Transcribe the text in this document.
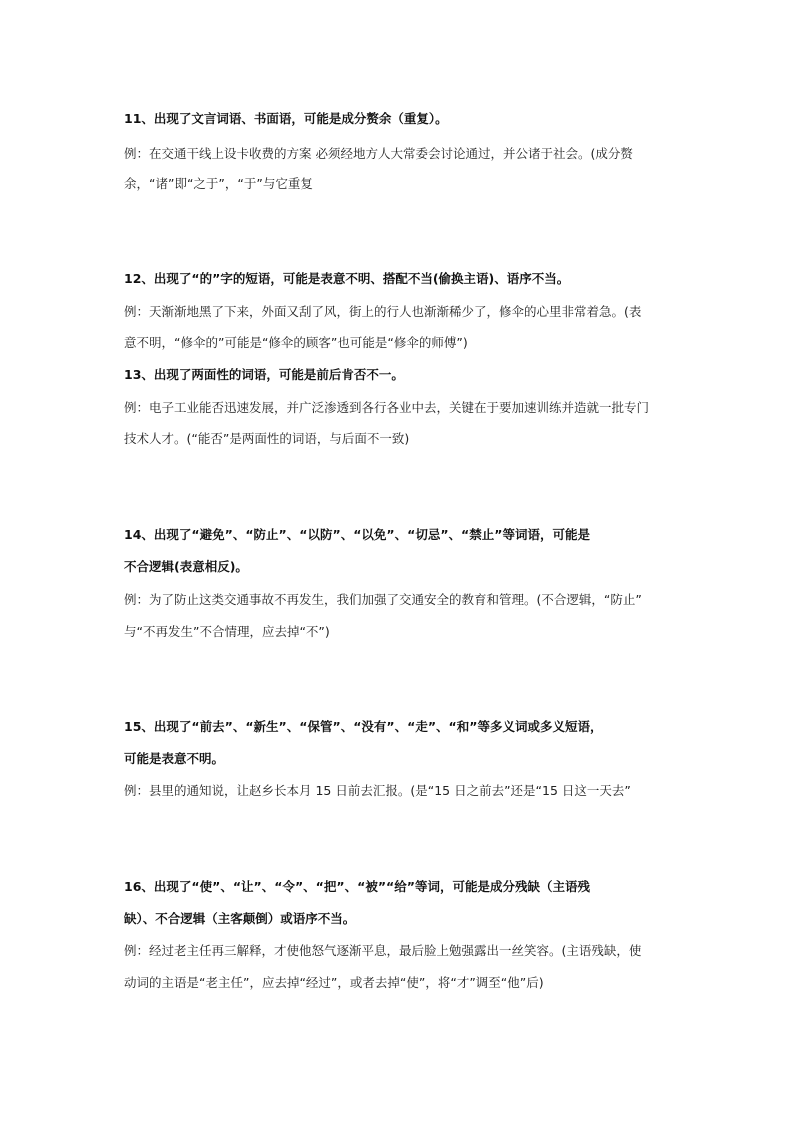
11、出现了文言词语、书面语，可能是成分赘余（重复）。
例：在交通干线上设卡收费的方案 必须经地方人大常委会讨论通过，并公诸于社会。(成分赘
余，“诸”即“之于”，“于”与它重复
12、出现了“的”字的短语，可能是表意不明、搭配不当(偷换主语)、语序不当。
例：天渐渐地黑了下来，外面又刮了风，街上的行人也渐渐稀少了，修伞的心里非常着急。(表
意不明，“修伞的”可能是“修伞的顾客”也可能是“修伞的师傅”)
13、出现了两面性的词语，可能是前后肯否不一。
例：电子工业能否迅速发展，并广泛渗透到各行各业中去，关键在于要加速训练并造就一批专门
技术人才。(“能否”是两面性的词语，与后面不一致)
14、出现了“避免”、“防止”、“以防”、“以免”、“切忌”、“禁止”等词语，可能是
不合逻辑(表意相反)。
例：为了防止这类交通事故不再发生，我们加强了交通安全的教育和管理。(不合逻辑，“防止”
与“不再发生”不合情理，应去掉“不”)
15、出现了“前去”、“新生”、“保管”、“没有”、“走”、“和”等多义词或多义短语，
可能是表意不明。
例：县里的通知说，让赵乡长本月 15 日前去汇报。(是“15 日之前去”还是“15 日这一天去”
16、出现了“使”、“让”、“令”、“把”、“被”“给”等词，可能是成分残缺（主语残
缺）、不合逻辑（主客颠倒）或语序不当。
例：经过老主任再三解释，才使他怒气逐渐平息，最后脸上勉强露出一丝笑容。(主语残缺，使
动词的主语是“老主任”，应去掉“经过”，或者去掉“使”，将“才”调至“他”后)
